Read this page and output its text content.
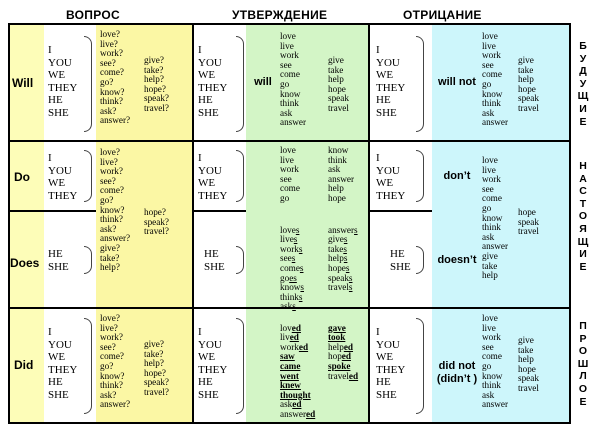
ВОПРОС	УТВЕРЖДЕНИЕ	ОТРИЦАНИЕ
Will
I
YOU
WE
THEY
HE
SHE
love?
live?
work?
see?
come?
go?
know?
think?
ask?
answer?
give?
take?
help?
hope?
speak?
travel?
I
YOU
WE
THEY
HE
SHE
will
love
live
work
see
come
go
know
think
ask
answer
give
take
help
hope
speak
travel
I
YOU
WE
THEY
HE
SHE
will not
love
live
work
see
come
go
know
think
ask
answer
give
take
help
hope
speak
travel
Do
I
YOU
WE
THEY
love?
live?
work?
see?
come?
go?
know?
think?
ask?
answer?
give?
take?
help?
hope?
speak?
travel?
I
YOU
WE
THEY
love
live
work
see
come
go
know
think
ask
answer
help
hope
I
YOU
WE
THEY
don’t
love
live
work
see
come
go
know
think
ask
answer
give
take
help
hope
speak
travel
Does
HE
SHE
HE
SHE

loves
lives
works
sees
comes
goes
knows
thinks
asks

answers
gives
takes
helps
hopes
speaks
travels
HE
SHE
doesn’t
Did
I
YOU
WE
THEY
HE
SHE
love?
live?
work?
see?
come?
go?
know?
think?
ask?
answer?
give?
take?
help?
hope?
speak?
travel?
I
YOU
WE
THEY
HE
SHE

loved
lived
worked
saw
came
went
knew
thought
asked
answered

gave
took
helped
hoped
spoke
traveled
I
YOU
WE
THEY
HE
SHE
did not
(didn’t )
love
live
work
see
come
go
know
think
ask
answer
give
take
help
hope
speak
travel
Б
У
Д
У
Щ
И
Е
Н
А
С
Т
О
Я
Щ
И
Е
П
Р
О
Ш
Л
О
Е
